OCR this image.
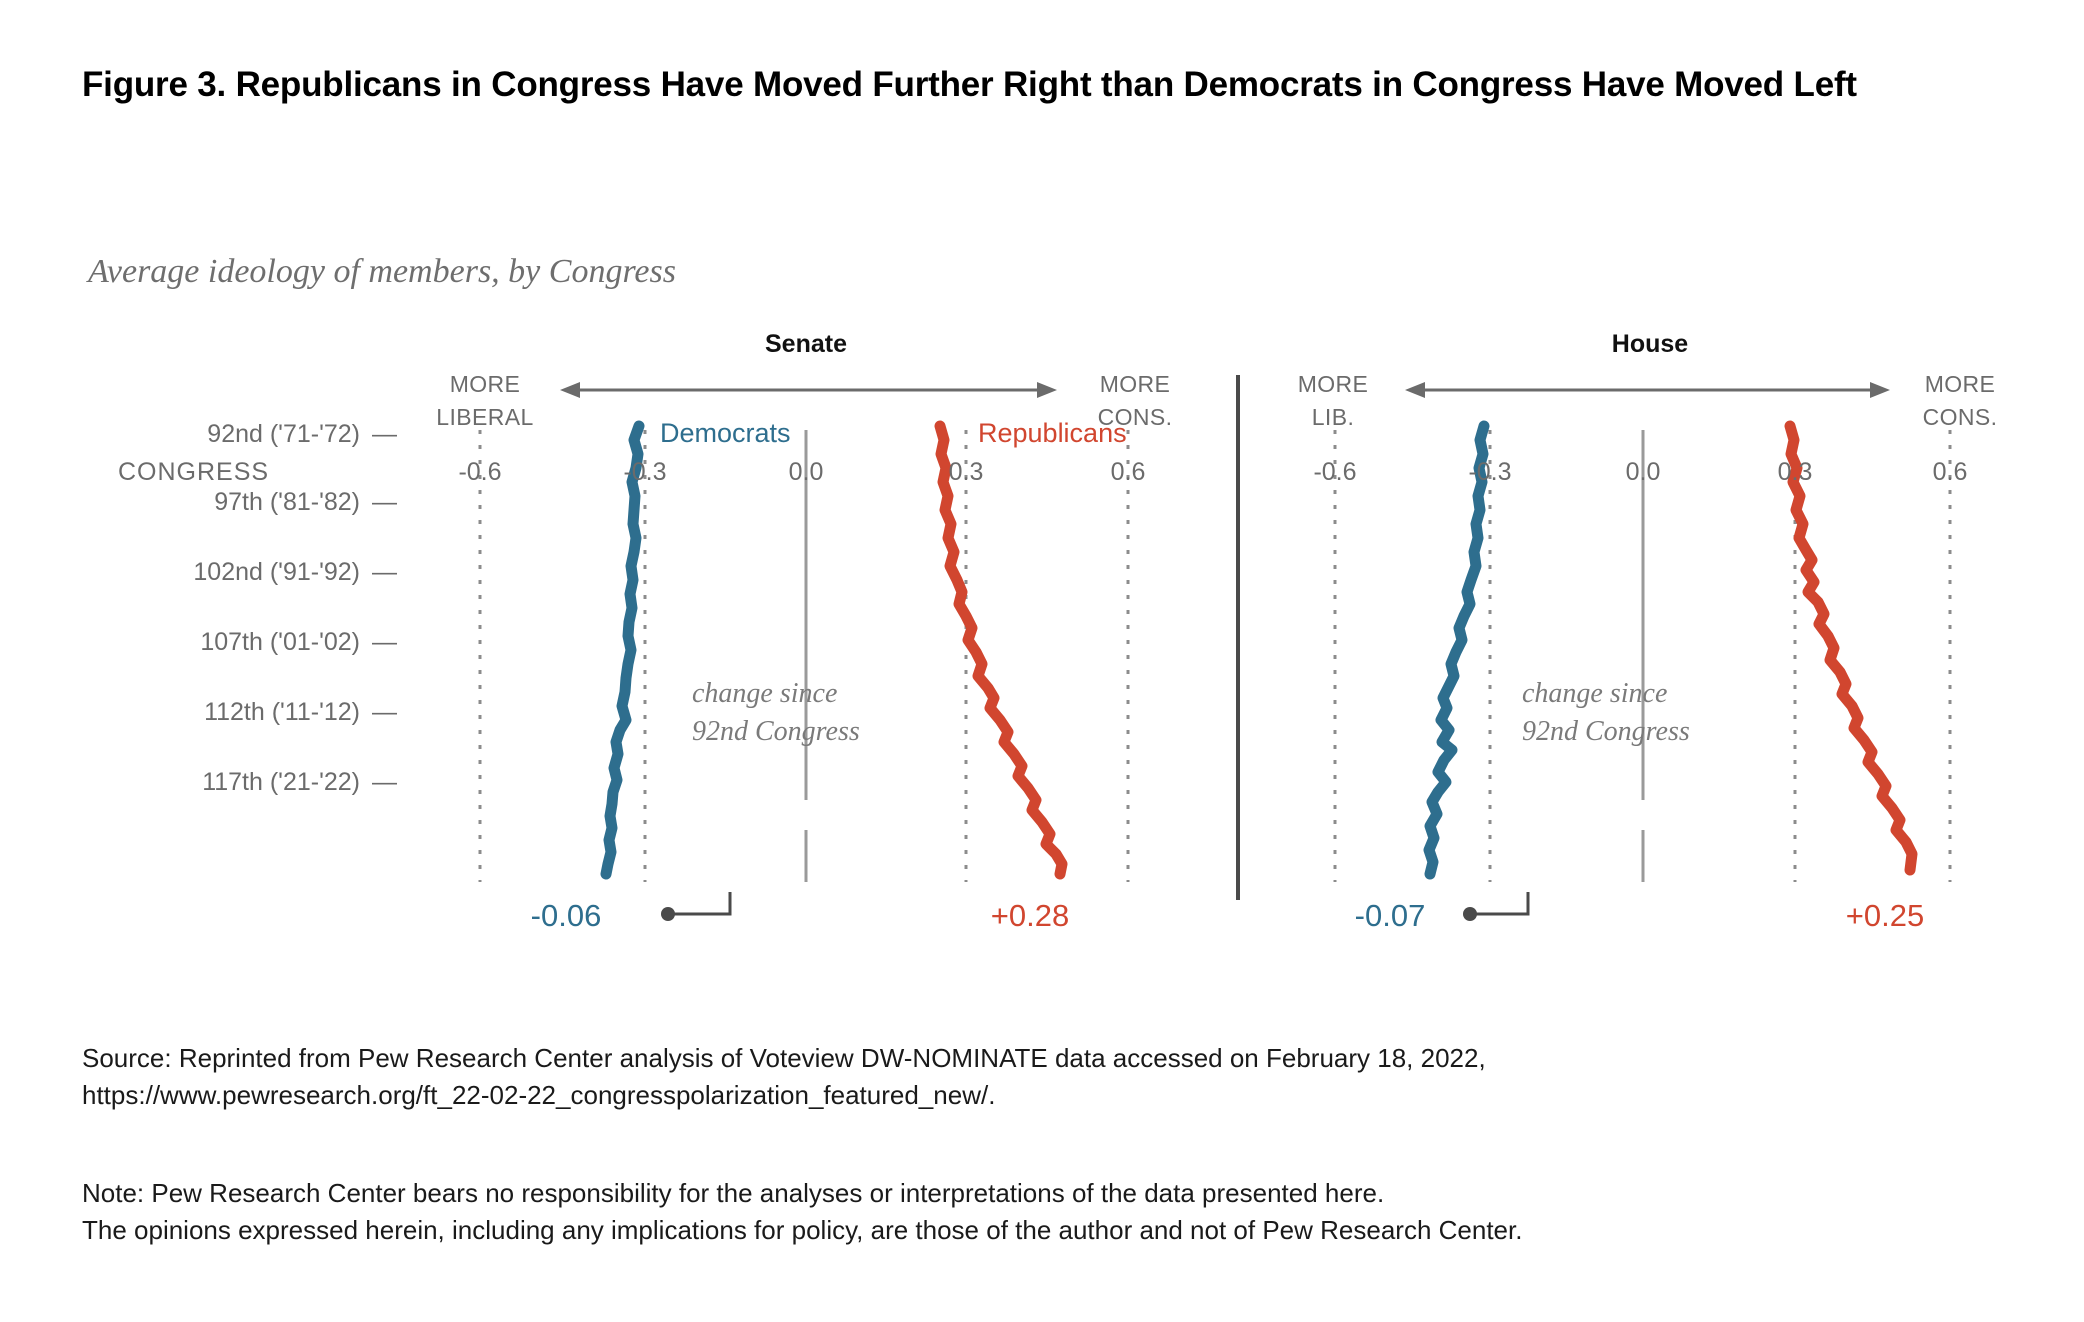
Figure 3. Republicans in Congress Have Moved Further Right than Democrats in Congress Have Moved Left
Average ideology of members, by Congress
Senate
MORE
LIBERAL
MORE
CONS.
-0.6	-0.3	0.0	0.3	0.6
Democrats	Republicans
change since
92nd Congress
-0.06	+0.28
House
MORE
LIB.
MORE
CONS.
-0.6	-0.3	0.0	0.3	0.6
change since
92nd Congress
-0.07	+0.25
CONGRESS
92nd ('71-'72) —
97th ('81-'82) —
102nd ('91-'92) —
107th ('01-'02) —
112th ('11-'12) —
117th ('21-'22) —
Source: Reprinted from Pew Research Center analysis of Voteview DW-NOMINATE data accessed on February 18, 2022,
https://www.pewresearch.org/ft_22-02-22_congresspolarization_featured_new/.
Note: Pew Research Center bears no responsibility for the analyses or interpretations of the data presented here.
The opinions expressed herein, including any implications for policy, are those of the author and not of Pew Research Center.
